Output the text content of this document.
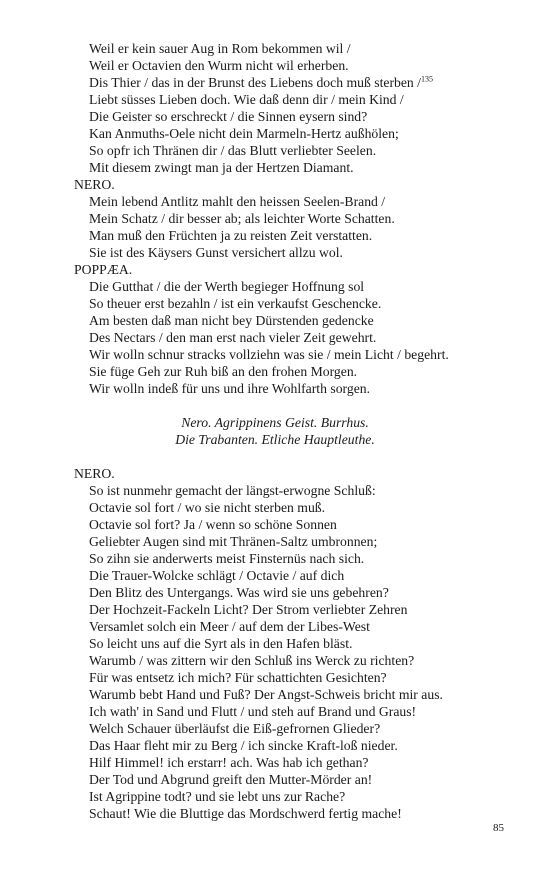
Weil er kein sauer Aug in Rom bekommen wil /
Weil er Octavien den Wurm nicht wil erherben.
Dis Thier / das in der Brunst des Liebens doch muß sterben /$^{135}$
Liebt süsses Lieben doch. Wie daß denn dir / mein Kind /
Die Geister so erschreckt / die Sinnen eysern sind?
Kan Anmuths-Oele nicht dein Marmeln-Hertz außhölen;
So opfr ich Thränen dir / das Blutt verliebter Seelen.
Mit diesem zwingt man ja der Hertzen Diamant.
NERO.
Mein lebend Antlitz mahlt den heissen Seelen-Brand /
Mein Schatz / dir besser ab; als leichter Worte Schatten.
Man muß den Früchten ja zu reisten Zeit verstatten.
Sie ist des Käysers Gunst versichert allzu wol.
POPPÆA.
Die Gutthat / die der Werth begieger Hoffnung sol
So theuer erst bezahln / ist ein verkaufst Geschencke.
Am besten daß man nicht bey Dürstenden gedencke
Des Nectars / den man erst nach vieler Zeit gewehrt.
Wir wolln schnur stracks vollziehn was sie / mein Licht / begehrt.
Sie füge Geh zur Ruh biß an den frohen Morgen.
Wir wolln indeß für uns und ihre Wohlfarth sorgen.
Nero. Agrippinens Geist. Burrhus.
Die Trabanten. Etliche Hauptleuthe.
NERO.
So ist nunmehr gemacht der längst-erwogne Schluß:
Octavie sol fort / wo sie nicht sterben muß.
Octavie sol fort? Ja / wenn so schöne Sonnen
Geliebter Augen sind mit Thränen-Saltz umbronnen;
So zihn sie anderwerts meist Finsternüs nach sich.
Die Trauer-Wolcke schlägt / Octavie / auf dich
Den Blitz des Untergangs. Was wird sie uns gebehren?
Der Hochzeit-Fackeln Licht? Der Strom verliebter Zehren
Versamlet solch ein Meer / auf dem der Libes-West
So leicht uns auf die Syrt als in den Hafen bläst.
Warumb / was zittern wir den Schluß ins Werck zu richten?
Für was entsetz ich mich? Für schattichten Gesichten?
Warumb bebt Hand und Fuß? Der Angst-Schweis bricht mir aus.
Ich wath' in Sand und Flutt / und steh auf Brand und Graus!
Welch Schauer überläufst die Eiß-gefrornen Glieder?
Das Haar fleht mir zu Berg / ich sincke Kraft-loß nieder.
Hilf Himmel! ich erstarr! ach. Was hab ich gethan?
Der Tod und Abgrund greift den Mutter-Mörder an!
Ist Agrippine todt? und sie lebt uns zur Rache?
Schaut! Wie die Bluttige das Mordschwerd fertig mache!
85
